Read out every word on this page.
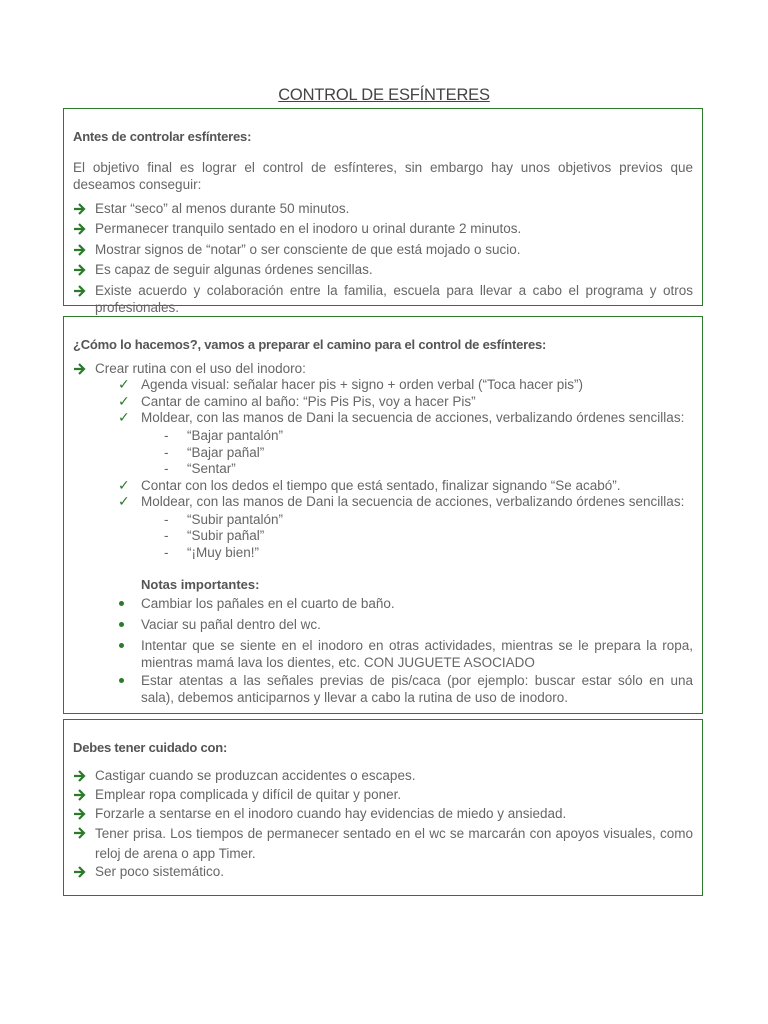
CONTROL DE ESFÍNTERES
Antes de controlar esfínteres:
El objetivo final es lograr el control de esfínteres, sin embargo hay unos objetivos previos que deseamos conseguir:
Estar “seco” al menos durante 50 minutos.
Permanecer tranquilo sentado en el inodoro u orinal durante 2 minutos.
Mostrar signos de “notar” o ser consciente de que está mojado o sucio.
Es capaz de seguir algunas órdenes sencillas.
Existe acuerdo y colaboración entre la familia, escuela para llevar a cabo el programa y otros profesionales.
¿Cómo lo hacemos?, vamos a preparar el camino para el control de esfínteres:
Crear rutina con el uso del inodoro:
✓ Agenda visual: señalar hacer pis + signo + orden verbal (“Toca hacer pis”)
✓ Cantar de camino al baño: “Pis Pis Pis, voy a hacer Pis”
✓ Moldear, con las manos de Dani la secuencia de acciones, verbalizando órdenes sencillas:
- “Bajar pantalón”
- “Bajar pañal”
- “Sentar”
✓ Contar con los dedos el tiempo que está sentado, finalizar signando “Se acabó”.
✓ Moldear, con las manos de Dani la secuencia de acciones, verbalizando órdenes sencillas:
- “Subir pantalón”
- “Subir pañal”
- “¡Muy bien!”
Notas importantes:
Cambiar los pañales en el cuarto de baño.
Vaciar su pañal dentro del wc.
Intentar que se siente en el inodoro en otras actividades, mientras se le prepara la ropa, mientras mamá lava los dientes, etc. CON JUGUETE ASOCIADO
Estar atentas a las señales previas de pis/caca (por ejemplo: buscar estar sólo en una sala), debemos anticiparnos y llevar a cabo la rutina de uso de inodoro.
Debes tener cuidado con:
Castigar cuando se produzcan accidentes o escapes.
Emplear ropa complicada y difícil de quitar y poner.
Forzarle a sentarse en el inodoro cuando hay evidencias de miedo y ansiedad.
Tener prisa. Los tiempos de permanecer sentado en el wc se marcarán con apoyos visuales, como reloj de arena o app Timer.
Ser poco sistemático.
